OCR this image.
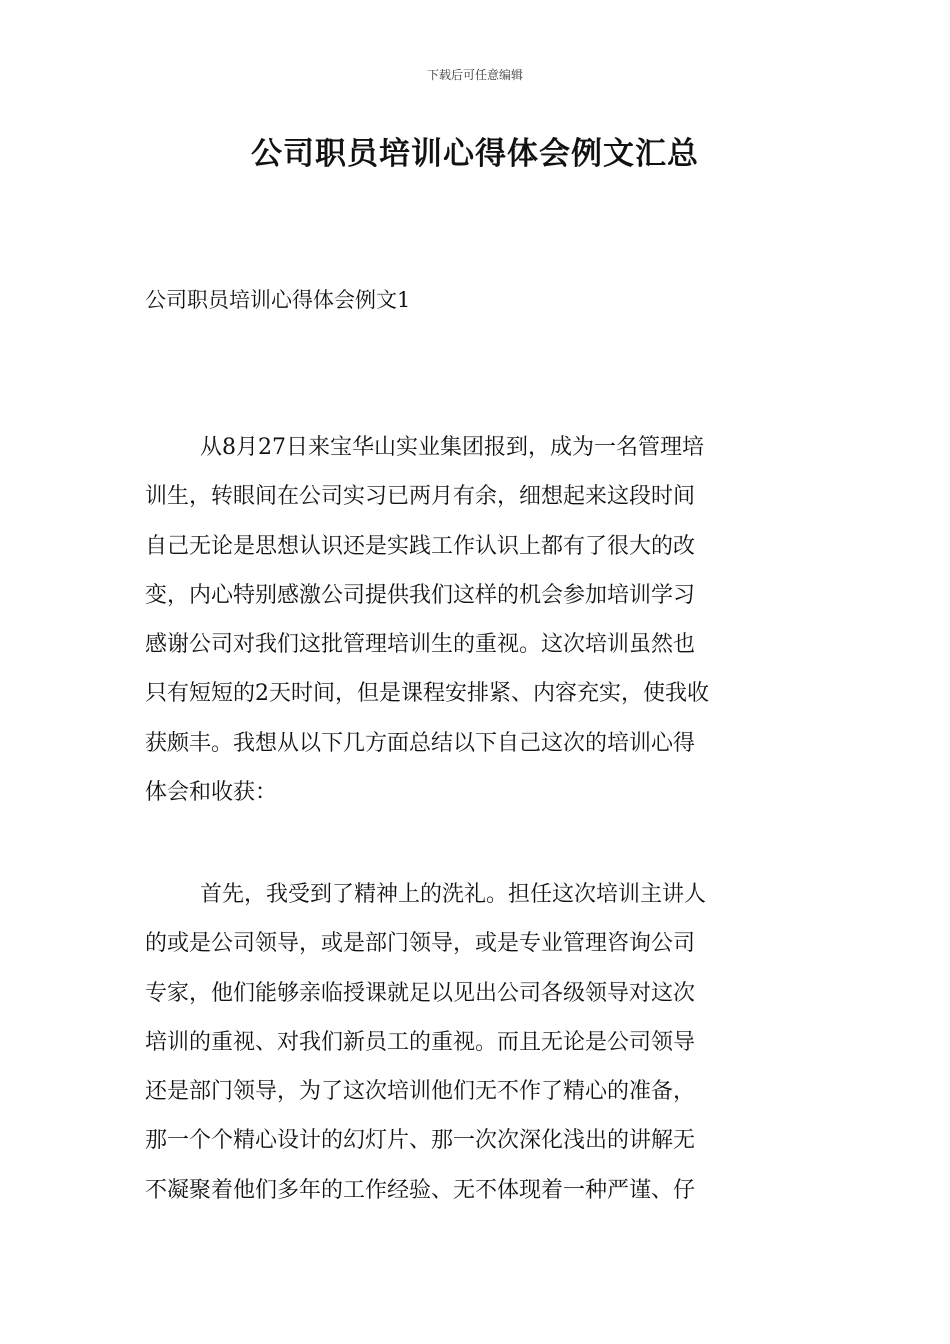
下载后可任意编辑
公司职员培训心得体会例文汇总
公司职员培训心得体会例文1
从8月27日来宝华山实业集团报到，成为一名管理培
训生，转眼间在公司实习已两月有余，细想起来这段时间
自己无论是思想认识还是实践工作认识上都有了很大的改
变，内心特别感激公司提供我们这样的机会参加培训学习
感谢公司对我们这批管理培训生的重视。这次培训虽然也
只有短短的2天时间，但是课程安排紧、内容充实，使我收
获颇丰。我想从以下几方面总结以下自己这次的培训心得
体会和收获：
首先，我受到了精神上的洗礼。担任这次培训主讲人
的或是公司领导，或是部门领导，或是专业管理咨询公司
专家，他们能够亲临授课就足以见出公司各级领导对这次
培训的重视、对我们新员工的重视。而且无论是公司领导
还是部门领导，为了这次培训他们无不作了精心的准备，
那一个个精心设计的幻灯片、那一次次深化浅出的讲解无
不凝聚着他们多年的工作经验、无不体现着一种严谨、仔
